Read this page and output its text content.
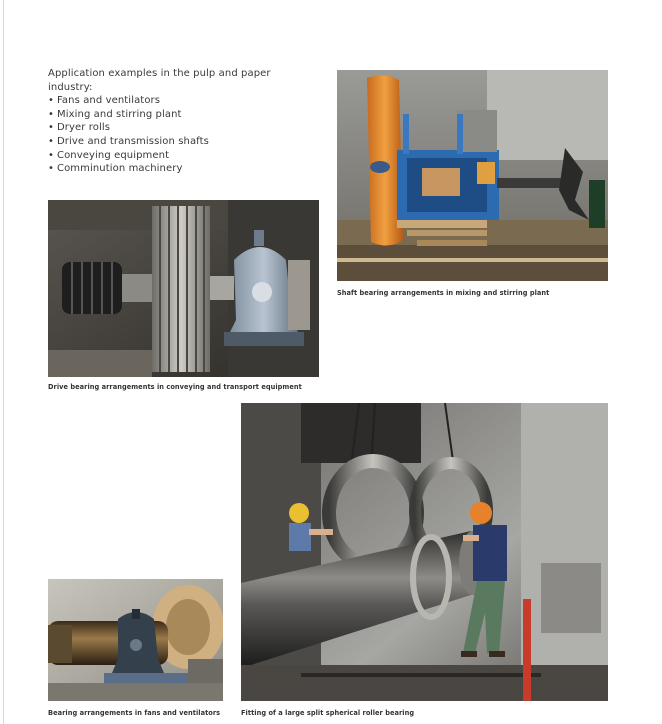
Application examples in the pulp and paper industry:

• Fans and ventilators
• Mixing and stirring plant
• Dryer rolls
• Drive and transmission shafts
• Conveying equipment
• Comminution machinery
Shaft bearing arrangements in mixing and stirring plant
Drive bearing arrangements in conveying and transport equipment
Fitting of a large split spherical roller bearing
Bearing arrangements in fans and ventilators
